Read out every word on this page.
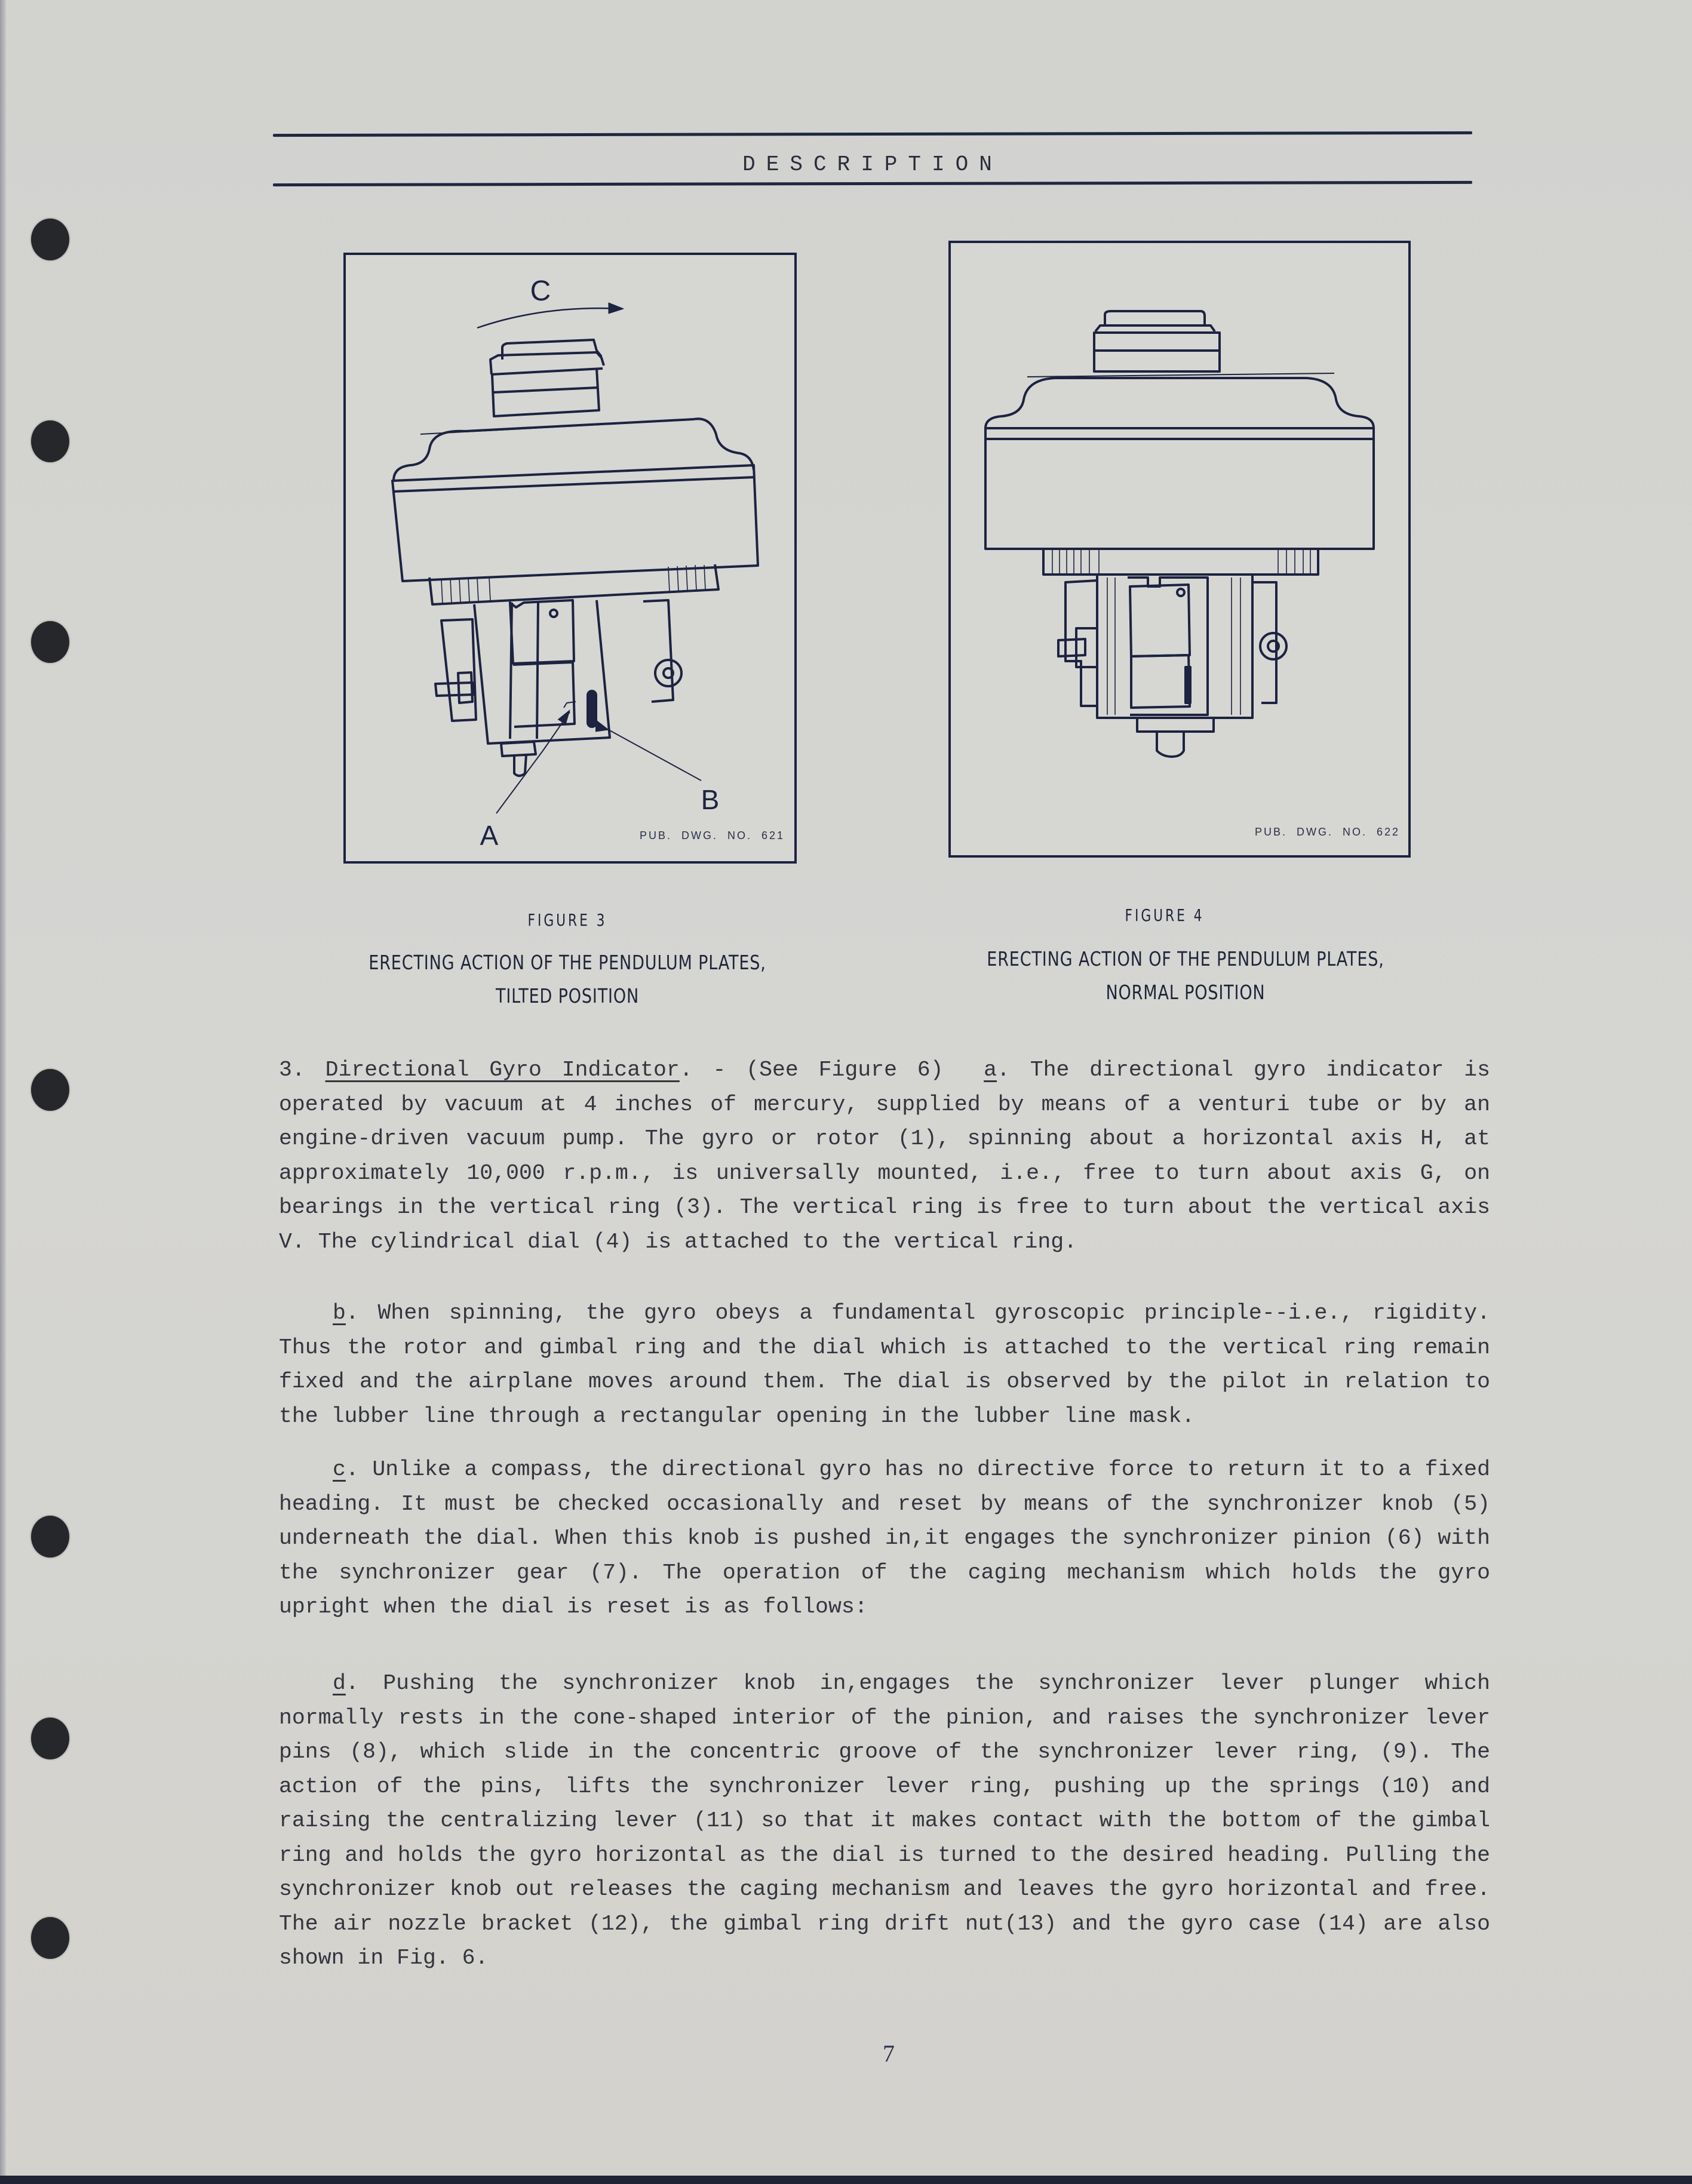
DESCRIPTION
C
A
B
PUB.  DWG.  NO.  621	PUB.  DWG.  NO.  622
FIGURE 3
ERECTING ACTION OF THE PENDULUM PLATES,
TILTED POSITION
FIGURE 4
ERECTING ACTION OF THE PENDULUM PLATES,
NORMAL POSITION

3. Directional Gyro Indicator. - (See Figure 6) a. The directional gyro indicator is operated by vacuum at 4 inches of mercury, supplied by means of a venturi tube or by an engine-driven vacuum pump. The gyro or rotor (1), spinning about a horizontal axis H, at approximately 10,000 r.p.m., is universally mounted, i.e., free to turn about axis G, on bearings in the vertical ring (3). The vertical ring is free to turn about the vertical axis V. The cylindrical dial (4) is attached to the vertical ring.

b. When spinning, the gyro obeys a fundamental gyroscopic principle--i.e., rigidity. Thus the rotor and gimbal ring and the dial which is attached to the vertical ring remain fixed and the airplane moves around them. The dial is observed by the pilot in relation to the lubber line through a rectangular opening in the lubber line mask.

c. Unlike a compass, the directional gyro has no directive force to return it to a fixed heading. It must be checked occasionally and reset by means of the synchronizer knob (5) underneath the dial. When this knob is pushed in,it engages the synchronizer pinion (6) with the synchronizer gear (7). The operation of the caging mechanism which holds the gyro upright when the dial is reset is as follows:

d. Pushing the synchronizer knob in,engages the synchronizer lever plunger which normally rests in the cone-shaped interior of the pinion, and raises the synchronizer lever pins (8), which slide in the concentric groove of the synchronizer lever ring, (9). The action of the pins, lifts the synchronizer lever ring, pushing up the springs (10) and raising the centralizing lever (11) so that it makes contact with the bottom of the gimbal ring and holds the gyro horizontal as the dial is turned to the desired heading. Pulling the synchronizer knob out releases the caging mechanism and leaves the gyro horizontal and free. The air nozzle bracket (12), the gimbal ring drift nut(13) and the gyro case (14) are also shown in Fig. 6.

7
